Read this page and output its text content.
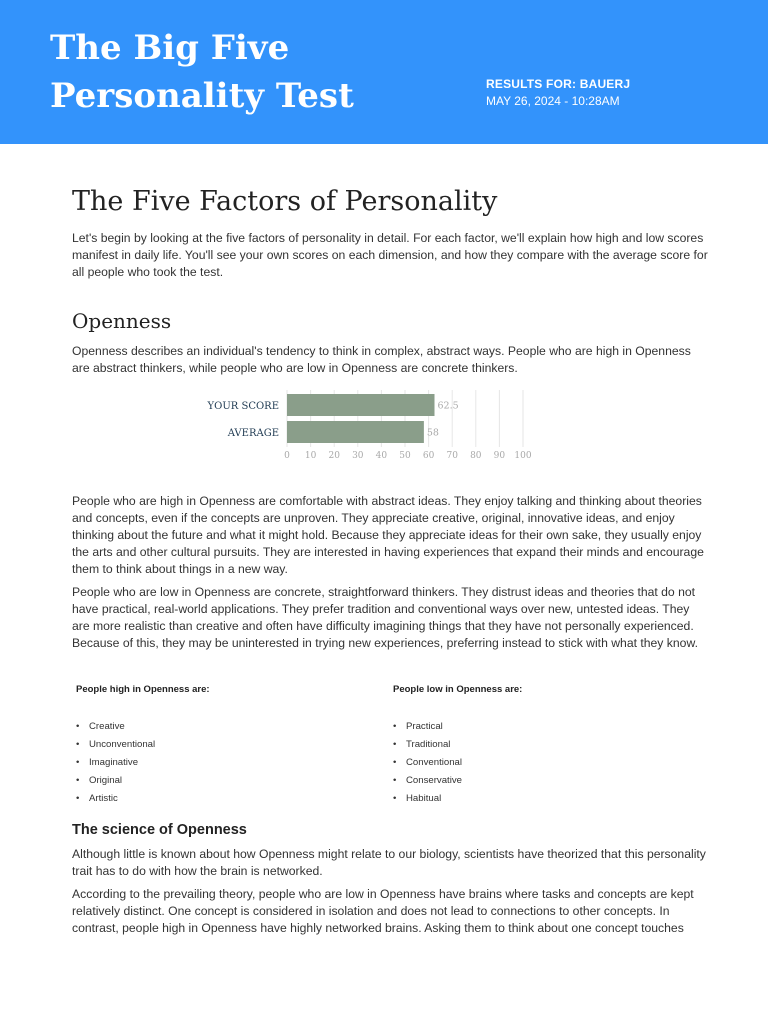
The Big Five Personality Test	RESULTS FOR: BAUERJ
MAY 26, 2024 - 10:28AM
The Five Factors of Personality

Let's begin by looking at the five factors of personality in detail. For each factor, we'll explain how high and low scores manifest in daily life. You'll see your own scores on each dimension, and how they compare with the average score for all people who took the test.

Openness

Openness describes an individual's tendency to think in complex, abstract ways. People who are high in Openness are abstract thinkers, while people who are low in Openness are concrete thinkers.

62.5
58
YOUR SCORE
AVERAGE
0 10 20 30 40 50 60 70 80 90 100

People who are high in Openness are comfortable with abstract ideas. They enjoy talking and thinking about theories and concepts, even if the concepts are unproven. They appreciate creative, original, innovative ideas, and enjoy thinking about the future and what it might hold. Because they appreciate ideas for their own sake, they usually enjoy the arts and other cultural pursuits. They are interested in having experiences that expand their minds and encourage them to think about things in a new way.

People who are low in Openness are concrete, straightforward thinkers. They distrust ideas and theories that do not have practical, real-world applications. They prefer tradition and conventional ways over new, untested ideas. They are more realistic than creative and often have difficulty imagining things that they have not personally experienced. Because of this, they may be uninterested in trying new experiences, preferring instead to stick with what they know.

People high in Openness are:
• Creative
• Unconventional
• Imaginative
• Original
• Artistic
People low in Openness are:
• Practical
• Traditional
• Conventional
• Conservative
• Habitual
The science of Openness

Although little is known about how Openness might relate to our biology, scientists have theorized that this personality trait has to do with how the brain is networked.

According to the prevailing theory, people who are low in Openness have brains where tasks and concepts are kept relatively distinct. One concept is considered in isolation and does not lead to connections to other concepts. In contrast, people high in Openness have highly networked brains. Asking them to think about one concept touches
